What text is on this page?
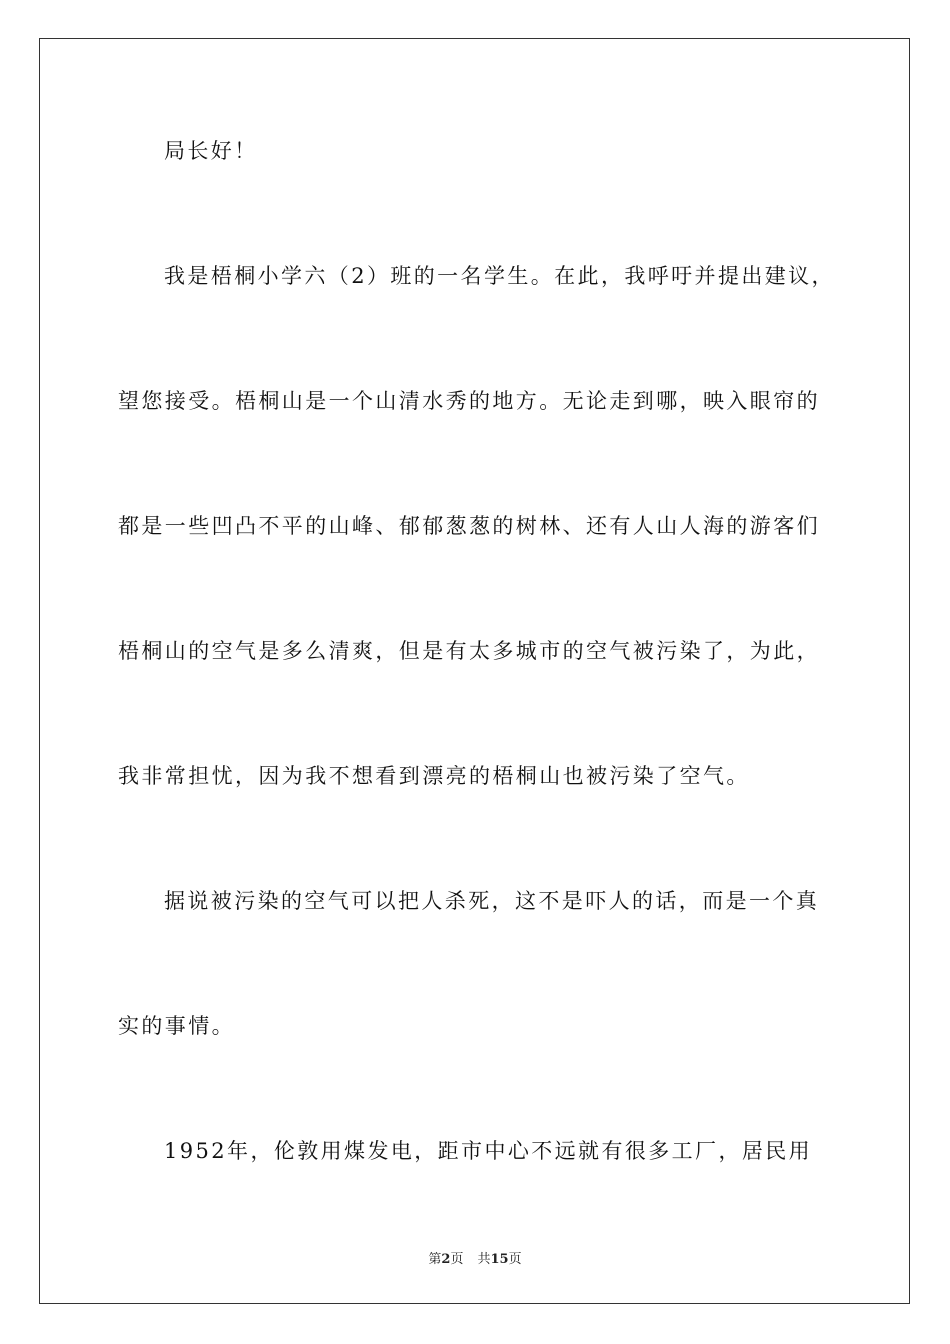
局长好！
我是梧桐小学六（2）班的一名学生。在此，我呼吁并提出建议，
望您接受。梧桐山是一个山清水秀的地方。无论走到哪，映入眼帘的
都是一些凹凸不平的山峰、郁郁葱葱的树林、还有人山人海的游客们
梧桐山的空气是多么清爽，但是有太多城市的空气被污染了，为此，
我非常担忧，因为我不想看到漂亮的梧桐山也被污染了空气。
据说被污染的空气可以把人杀死，这不是吓人的话，而是一个真
实的事情。
1952年，伦敦用煤发电，距市中心不远就有很多工厂，居民用
第2页 共15页
